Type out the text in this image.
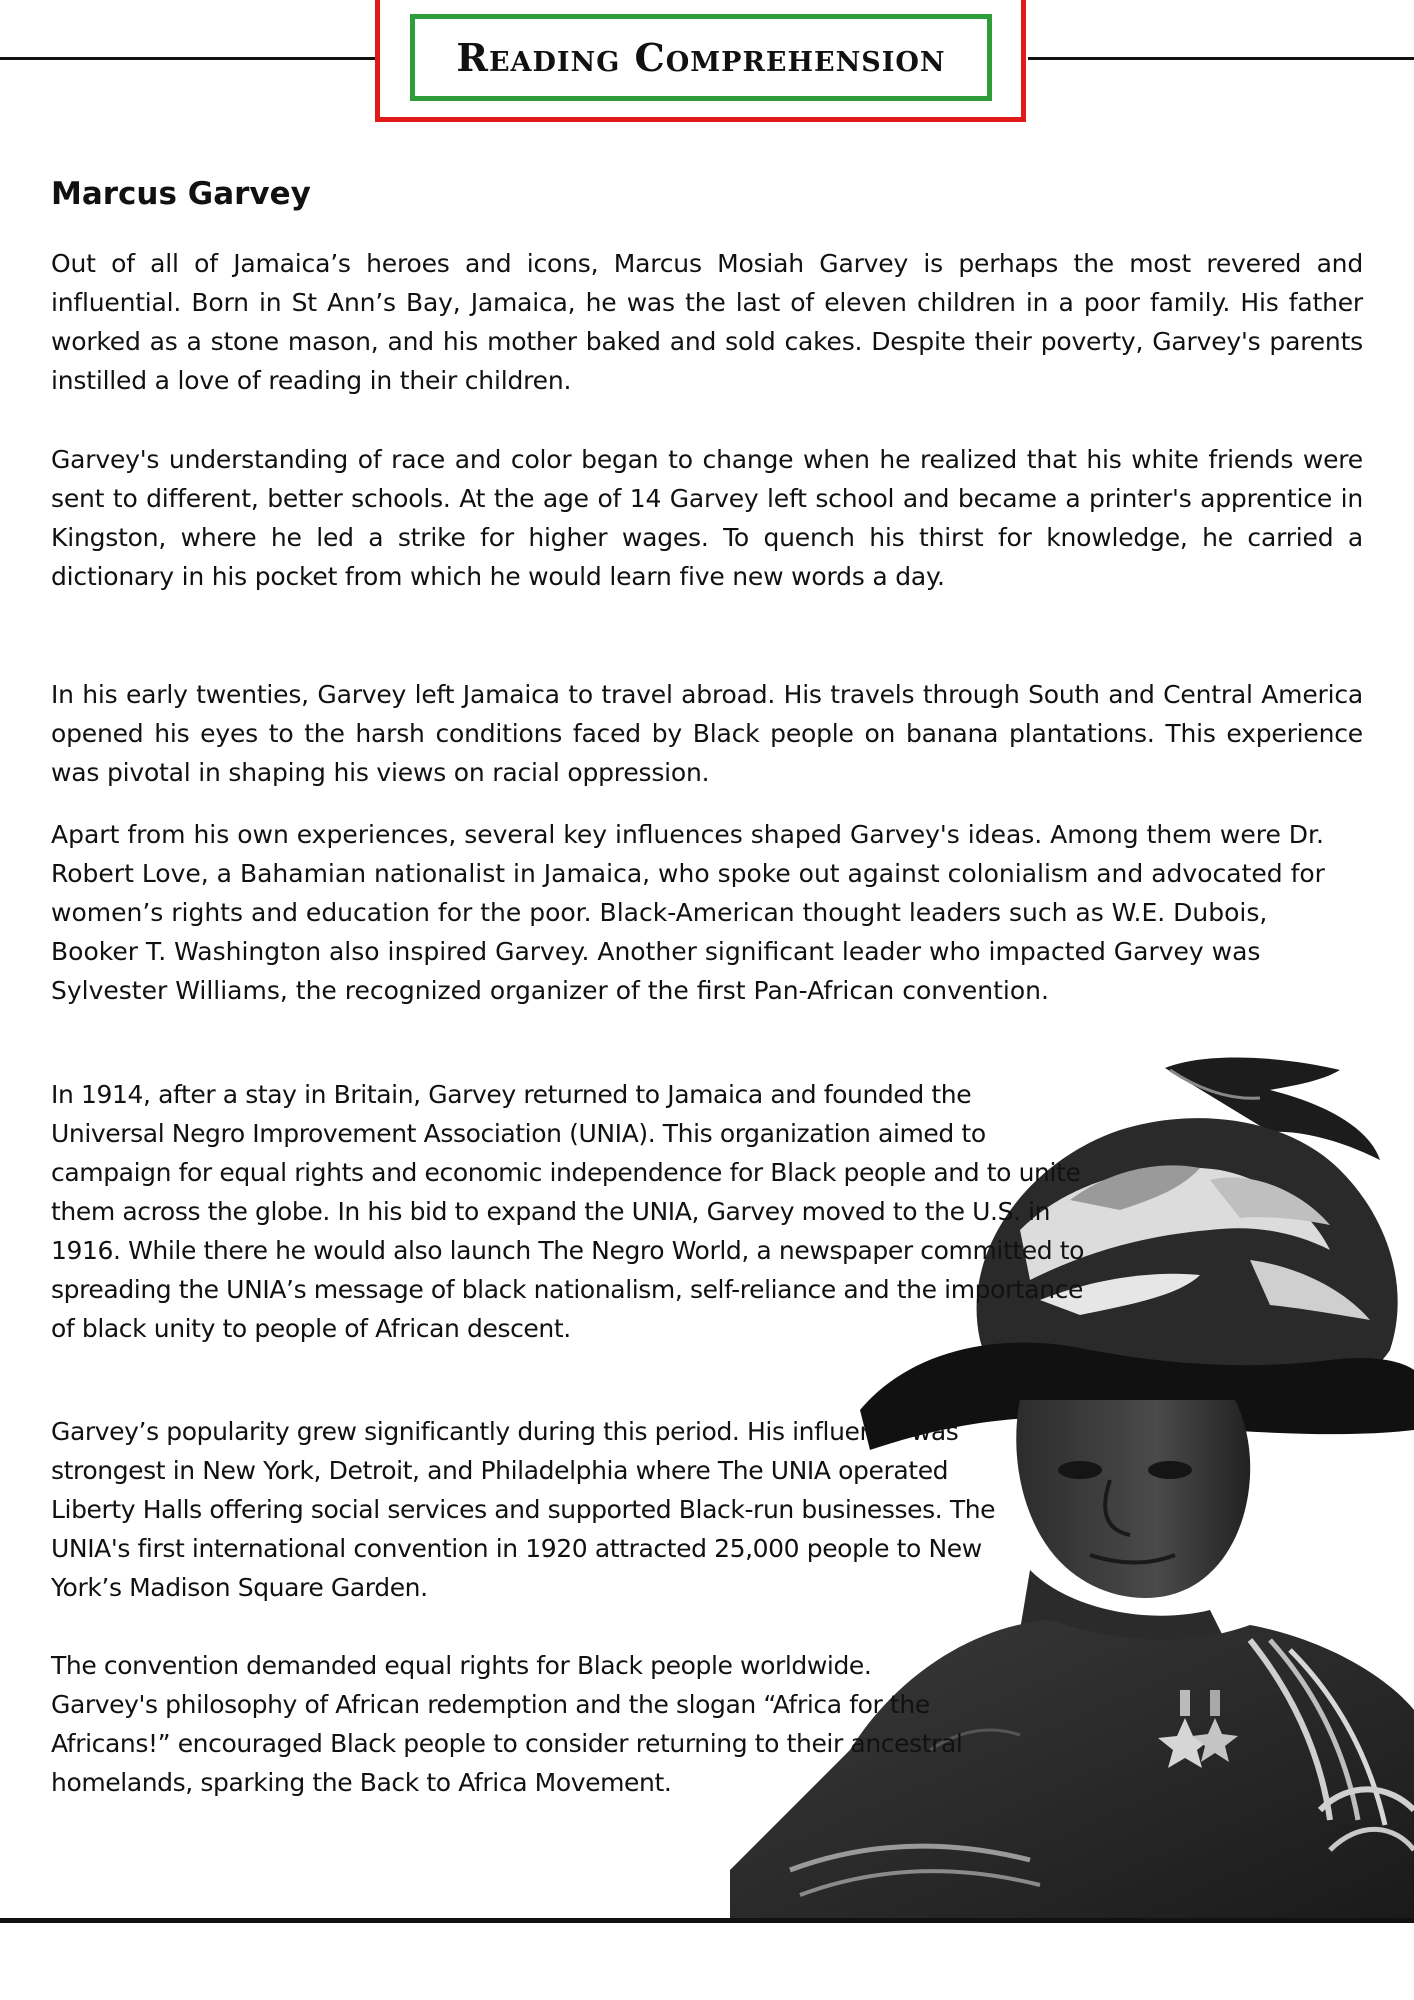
Reading Comprehension
Marcus Garvey

Out of all of Jamaica’s heroes and icons, Marcus Mosiah Garvey is perhaps the most revered and influential. Born in St Ann’s Bay, Jamaica, he was the last of eleven children in a poor family. His father worked as a stone mason, and his mother baked and sold cakes. Despite their poverty, Garvey's parents instilled a love of reading in their children.

Garvey's understanding of race and color began to change when he realized that his white friends were sent to different, better schools. At the age of 14 Garvey left school and became a printer's apprentice in Kingston, where he led a strike for higher wages. To quench his thirst for knowledge, he carried a dictionary in his pocket from which he would learn five new words a day.

In his early twenties, Garvey left Jamaica to travel abroad. His travels through South and Central America opened his eyes to the harsh conditions faced by Black people on banana plantations. This experience was pivotal in shaping his views on racial oppression.

Apart from his own experiences, several key influences shaped Garvey's ideas. Among them were Dr. Robert Love, a Bahamian nationalist in Jamaica, who spoke out against colonialism and advocated for women’s rights and education for the poor. Black-American thought leaders such as W.E. Dubois, Booker T. Washington also inspired Garvey. Another significant leader who impacted Garvey was Sylvester Williams, the recognized organizer of the first Pan-African convention.

In 1914, after a stay in Britain, Garvey returned to Jamaica and founded the Universal Negro Improvement Association (UNIA). This organization aimed to campaign for equal rights and economic independence for Black people and to unite them across the globe. In his bid to expand the UNIA, Garvey moved to the U.S. in 1916. While there he would also launch The Negro World, a newspaper committed to spreading the UNIA’s message of black nationalism, self-reliance and the importance of black unity to people of African descent.

Garvey’s popularity grew significantly during this period. His influence was strongest in New York, Detroit, and Philadelphia where The UNIA operated Liberty Halls offering social services and supported Black-run businesses. The UNIA's first international convention in 1920 attracted 25,000 people to New York’s Madison Square Garden.

The convention demanded equal rights for Black people worldwide. Garvey's philosophy of African redemption and the slogan “Africa for the Africans!” encouraged Black people to consider returning to their ancestral homelands, sparking the Back to Africa Movement.
